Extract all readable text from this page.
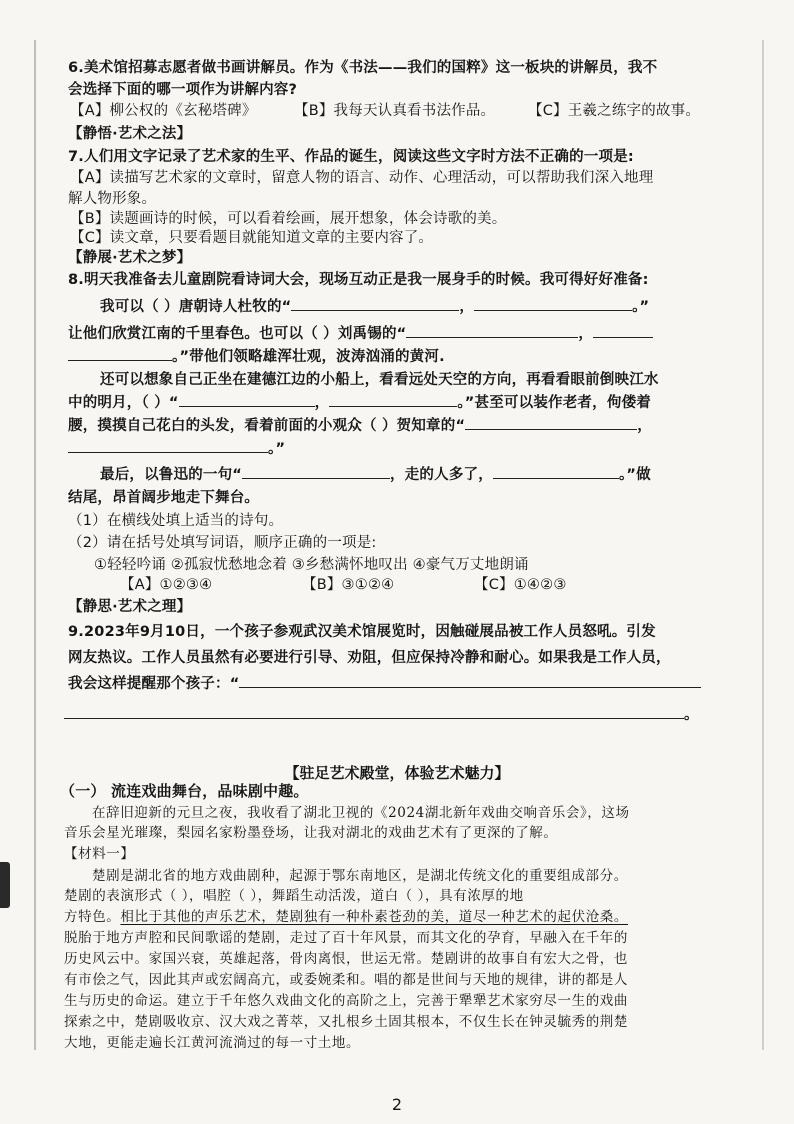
6.美术馆招募志愿者做书画讲解员。作为《书法——我们的国粹》这一板块的讲解员，我不
会选择下面的哪一项作为讲解内容?
【A】柳公权的《玄秘塔碑》	【B】我每天认真看书法作品。 【C】王羲之练字的故事。
【静悟·艺术之法】
7.人们用文字记录了艺术家的生平、作品的诞生，阅读这些文字时方法不正确的一项是:
【A】读描写艺术家的文章时，留意人物的语言、动作、心理活动，可以帮助我们深入地理
解人物形象。
【B】读题画诗的时候，可以看着绘画，展开想象，体会诗歌的美。
【C】读文章，只要看题目就能知道文章的主要内容了。
【静展·艺术之梦】
8.明天我准备去儿童剧院看诗词大会，现场互动正是我一展身手的时候。我可得好好准备:
我可以（ ）唐朝诗人杜牧的“	，	。”
让他们欣赏江南的千里春色。也可以（ ）刘禹锡的“	，
。”带他们领略雄浑壮观，波涛汹涌的黄河.
还可以想象自己正坐在建德江边的小船上，看看远处天空的方向，再看看眼前倒映江水
中的明月，（ ）“	，	。”甚至可以装作老者，佝偻着
腰，摸摸自己花白的头发，看着前面的小观众（ ）贺知章的“	，
。”
最后，以鲁迅的一句“	，走的人多了，	。”做
结尾，昂首阔步地走下舞台。
（1）在横线处填上适当的诗句。
（2）请在括号处填写词语，顺序正确的一项是:
①轻轻吟诵 ②孤寂忧愁地念着 ③乡愁满怀地叹出 ④豪气万丈地朗诵
【A】①②③④	【B】③①②④	【C】①④②③
【静思·艺术之理】
9.2023年9月10日，一个孩子参观武汉美术馆展览时，因触碰展品被工作人员怒吼。引发
网友热议。工作人员虽然有必要进行引导、劝阻，但应保持冷静和耐心。如果我是工作人员，
我会这样提醒那个孩子：“
。
【驻足艺术殿堂，体验艺术魅力】
（一） 流连戏曲舞台，品味剧中趣。
在辞旧迎新的元旦之夜，我收看了湖北卫视的《2024湖北新年戏曲交响音乐会》，这场
音乐会星光璀璨，梨园名家粉墨登场，让我对湖北的戏曲艺术有了更深的了解。
【材料一】
楚剧是湖北省的地方戏曲剧种，起源于鄂东南地区，是湖北传统文化的重要组成部分。
楚剧的表演形式（ ），唱腔（ ），舞蹈生动活泼，道白（ ），具有浓厚的地
方特色。相比于其他的声乐艺术，楚剧独有一种朴素苍劲的美，道尽一种艺术的起伏沧桑。
脱胎于地方声腔和民间歌谣的楚剧，走过了百十年风景，而其文化的孕育，早融入在千年的
历史风云中。家国兴衰，英雄起落，骨肉离恨，世运无常。楚剧讲的故事自有宏大之骨，也
有市侩之气，因此其声或宏阔高亢，或委婉柔和。唱的都是世间与天地的规律，讲的都是人
生与历史的命运。建立于千年悠久戏曲文化的高阶之上，完善于犟犟艺术家穷尽一生的戏曲
探索之中，楚剧吸收京、汉大戏之菁萃，又扎根乡土固其根本，不仅生长在钟灵毓秀的荆楚
大地，更能走遍长江黄河流淌过的每一寸土地。
2
